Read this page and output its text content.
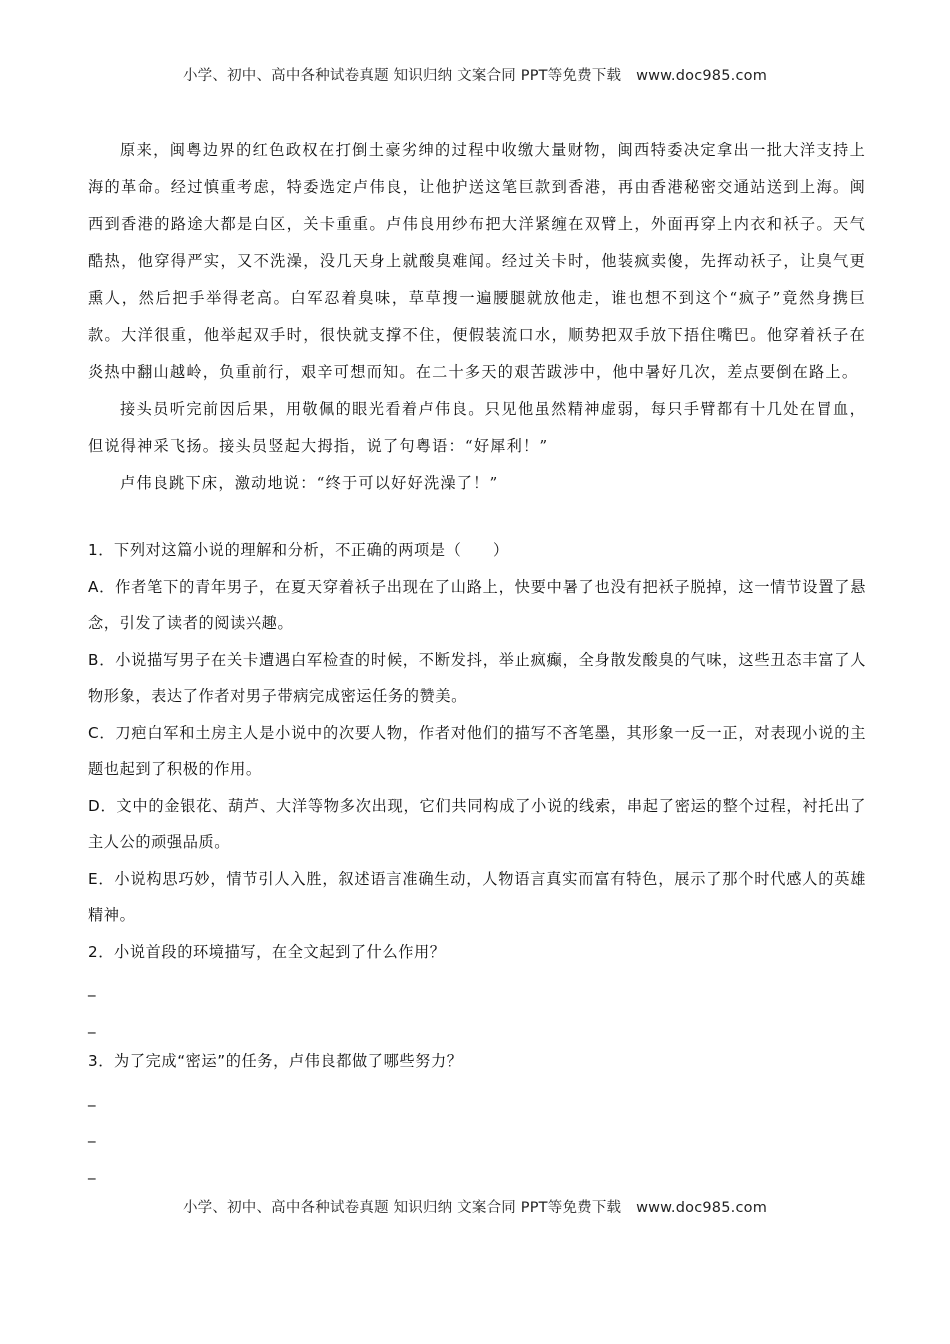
小学、初中、高中各种试卷真题 知识归纳 文案合同 PPT等免费下载 www.doc985.com

原来，闽粤边界的红色政权在打倒土豪劣绅的过程中收缴大量财物，闽西特委决定拿出一批大洋支持上海的革命。经过慎重考虑，特委选定卢伟良，让他护送这笔巨款到香港，再由香港秘密交通站送到上海。闽西到香港的路途大都是白区，关卡重重。卢伟良用纱布把大洋紧缠在双臂上，外面再穿上内衣和袄子。天气酷热，他穿得严实，又不洗澡，没几天身上就酸臭难闻。经过关卡时，他装疯卖傻，先挥动袄子，让臭气更熏人，然后把手举得老高。白军忍着臭味，草草搜一遍腰腿就放他走，谁也想不到这个“疯子”竟然身携巨款。大洋很重，他举起双手时，很快就支撑不住，便假装流口水，顺势把双手放下捂住嘴巴。他穿着袄子在炎热中翻山越岭，负重前行，艰辛可想而知。在二十多天的艰苦跋涉中，他中暑好几次，差点要倒在路上。

接头员听完前因后果，用敬佩的眼光看着卢伟良。只见他虽然精神虚弱，每只手臂都有十几处在冒血，但说得神采飞扬。接头员竖起大拇指，说了句粤语：“好犀利！”

卢伟良跳下床，激动地说：“终于可以好好洗澡了！”

1．下列对这篇小说的理解和分析，不正确的两项是（　　）

A．作者笔下的青年男子，在夏天穿着袄子出现在了山路上，快要中暑了也没有把袄子脱掉，这一情节设置了悬念，引发了读者的阅读兴趣。

B．小说描写男子在关卡遭遇白军检查的时候，不断发抖，举止疯癫，全身散发酸臭的气味，这些丑态丰富了人物形象，表达了作者对男子带病完成密运任务的赞美。

C．刀疤白军和土房主人是小说中的次要人物，作者对他们的描写不吝笔墨，其形象一反一正，对表现小说的主题也起到了积极的作用。

D．文中的金银花、葫芦、大洋等物多次出现，它们共同构成了小说的线索，串起了密运的整个过程，衬托出了主人公的顽强品质。

E．小说构思巧妙，情节引人入胜，叙述语言准确生动，人物语言真实而富有特色，展示了那个时代感人的英雄精神。

2．小说首段的环境描写，在全文起到了什么作用？

_

_

3．为了完成“密运”的任务，卢伟良都做了哪些努力？

_

_

_

小学、初中、高中各种试卷真题 知识归纳 文案合同 PPT等免费下载 www.doc985.com
